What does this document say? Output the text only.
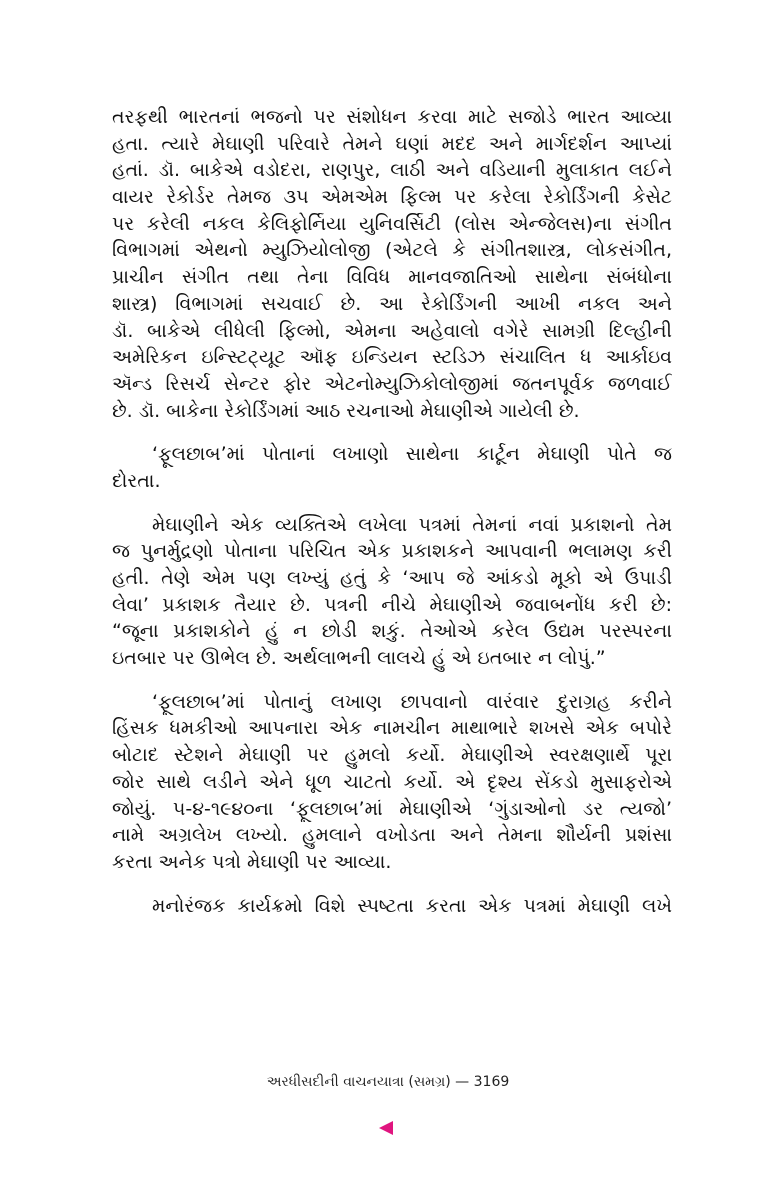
તરફથી ભારતનાં ભજનો પર સંશોધન કરવા માટે સજોડે ભારત આવ્યા
હતા. ત્યારે મેઘાણી પરિવારે તેમને ઘણાં મદદ અને માર્ગદર્શન આપ્યાં
હતાં. ડૉ. બાકેએ વડોદરા, રાણપુર, લાઠી અને વડિયાની મુલાકાત લઈને
વાયર રેકોર્ડર તેમજ ૩૫ એમએમ ફિલ્મ પર કરેલા રેકોર્ડિંગની કેસેટ
પર કરેલી નકલ કેલિફોર્નિયા યુનિવર્સિટી (લોસ એન્જેલસ)ના સંગીત
વિભાગમાં એથનો મ્યુઝિયોલોજી (એટલે કે સંગીતશાસ્ત્ર, લોકસંગીત,
પ્રાચીન સંગીત તથા તેના વિવિધ માનવજાતિઓ સાથેના સંબંધોના
શાસ્ત્ર) વિભાગમાં સચવાઈ છે. આ રેકોર્ડિંગની આખી નકલ અને
ડૉ. બાકેએ લીધેલી ફિલ્મો, એમના અહેવાલો વગેરે સામગ્રી દિલ્હીની
અમેરિકન ઇન્સ્ટિટ્યૂટ ઑફ ઇન્ડિયન સ્ટડિઝ સંચાલિત ધ આર્કાઇવ
ઍન્ડ રિસર્ચ સેન્ટર ફોર એટનોમ્યુઝિકોલોજીમાં જતનપૂર્વક જળવાઈ
છે. ડૉ. બાકેના રેકોર્ડિંગમાં આઠ રચનાઓ મેઘાણીએ ગાયેલી છે.
‘ફૂલછાબ’માં પોતાનાં લખાણો સાથેના કાર્ટૂન મેઘાણી પોતે જ
દોરતા.
મેઘાણીને એક વ્યક્તિએ લખેલા પત્રમાં તેમનાં નવાં પ્રકાશનો તેમ
જ પુનર્મુદ્રણો પોતાના પરિચિત એક પ્રકાશકને આપવાની ભલામણ કરી
હતી. તેણે એમ પણ લખ્યું હતું કે ‘આપ જે આંકડો મૂકો એ ઉપાડી
લેવા’ પ્રકાશક તૈયાર છે. પત્રની નીચે મેઘાણીએ જવાબનોંધ કરી છે:
“જૂના પ્રકાશકોને હું ન છોડી શકું. તેઓએ કરેલ ઉદ્યમ પરસ્પરના
ઇતબાર પર ઊભેલ છે. અર્થલાભની લાલચે હું એ ઇતબાર ન લોપું.”
‘ફૂલછાબ’માં પોતાનું લખાણ છાપવાનો વારંવાર દુરાગ્રહ કરીને
હિંસક ધમકીઓ આપનારા એક નામચીન માથાભારે શખસે એક બપોરે
બોટાદ સ્ટેશને મેઘાણી પર હુમલો કર્યો. મેઘાણીએ સ્વરક્ષણાર્થે પૂરા
જોર સાથે લડીને એને ધૂળ ચાટતો કર્યો. એ દૃશ્ય સેંકડો મુસાફરોએ
જોયું. ૫-૪-૧૯૪૦ના ‘ફૂલછાબ’માં મેઘાણીએ ‘ગુંડાઓનો ડર ત્યજો’
નામે અગ્રલેખ લખ્યો. હુમલાને વખોડતા અને તેમના શૌર્યની પ્રશંસા
કરતા અનેક પત્રો મેઘાણી પર આવ્યા.
મનોરંજક કાર્યક્રમો વિશે સ્પષ્ટતા કરતા એક પત્રમાં મેઘાણી લખે
અરધીસદીની વાચનયાત્રા (સમગ્ર) — 3169
